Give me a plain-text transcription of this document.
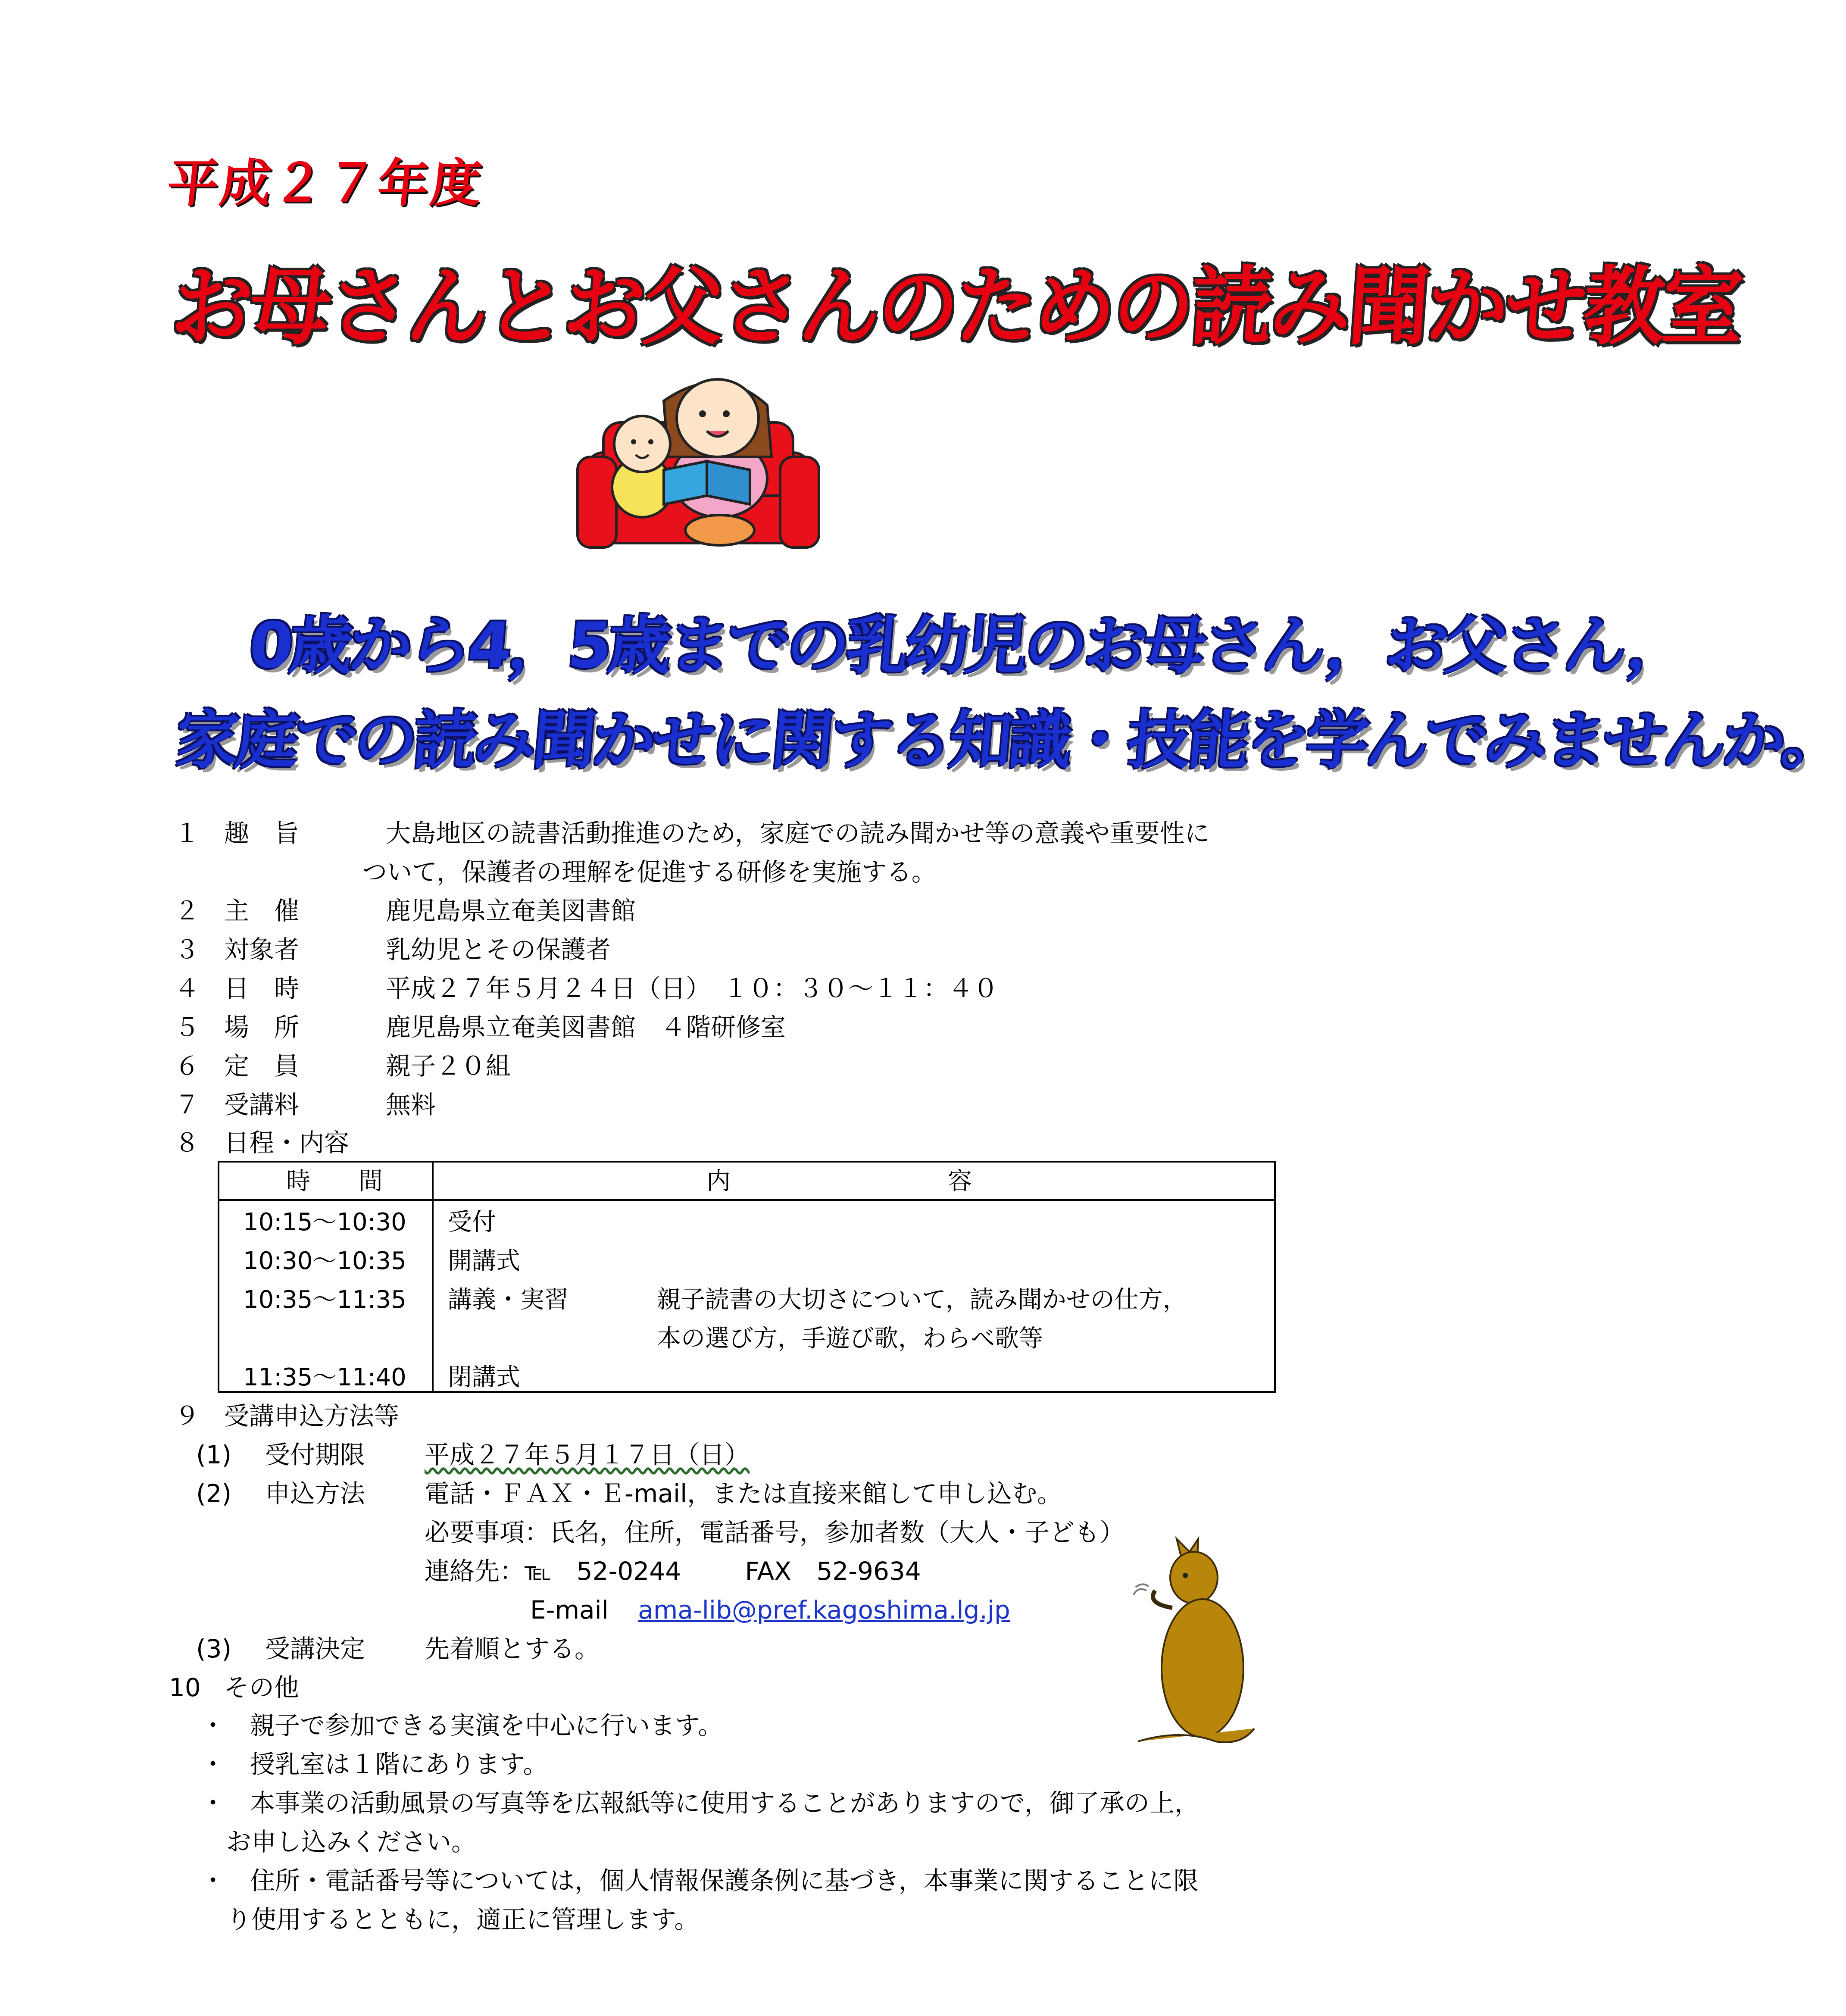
平成２７年度
お母さんとお父さんのための読み聞かせ教室
0歳から4，5歳までの乳幼児のお母さん，お父さん，
家庭での読み聞かせに関する知識・技能を学んでみませんか。
１ 趣　旨	大島地区の読書活動推進のため，家庭での読み聞かせ等の意義や重要性に
ついて，保護者の理解を促進する研修を実施する。
２ 主　催	鹿児島県立奄美図書館
３ 対象者	乳幼児とその保護者
４ 日　時	平成２７年５月２４日（日）　１０：３０～１１：４０
５ 場　所	鹿児島県立奄美図書館　４階研修室
６ 定　員	親子２０組
７ 受講料	無料
８ 日程・内容
時　　間	内　　　　　　　　　容
10:15～10:30 受付
10:30～10:35 開講式
10:35～11:35 講義・実習	親子読書の大切さについて，読み聞かせの仕方，
本の選び方，手遊び歌，わらべ歌等
11:35～11:40 閉講式
９ 受講申込方法等
(1) 受付期限 平成２７年５月１７日（日）
(2) 申込方法 電話・ＦＡＸ・Ｅ-mail，または直接来館して申し込む。
必要事項：氏名，住所，電話番号，参加者数（大人・子ども）
連絡先：℡ 52-0244	FAX 52-9634
E-mail ama-lib@pref.kagoshima.lg.jp
(3) 受講決定 先着順とする。
10 その他
・ 親子で参加できる実演を中心に行います。
・ 授乳室は１階にあります。
・ 本事業の活動風景の写真等を広報紙等に使用することがありますので，御了承の上，
お申し込みください。
・ 住所・電話番号等については，個人情報保護条例に基づき，本事業に関することに限
り使用するとともに，適正に管理します。
